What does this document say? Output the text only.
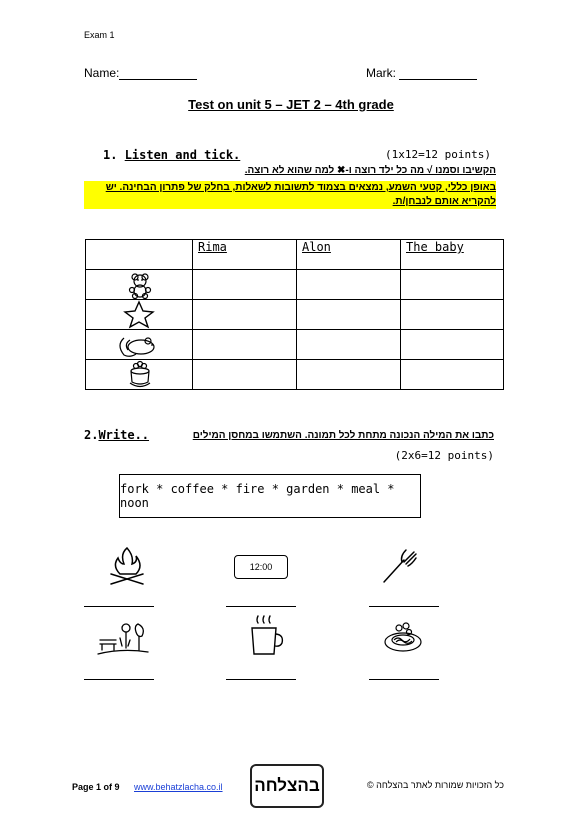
Exam 1
Name:	Mark:
Test on unit 5 – JET 2 – 4th grade
1. Listen and tick.	(1x12=12 points)
הקשיבו וסמנו √ מה כל ילד רוצה ו-✖ למה שהוא לא רוצה.
באופן כללי, קטעי השמע, נמצאים בצמוד לתשובות לשאלות, בחלק של פתרון הבחינה. יש להקריא אותם לנבחן/ת.
	Rima	Alon	The baby

2.Write..	כתבו את המילה הנכונה מתחת לכל תמונה. השתמשו במחסן המילים
(2x6=12 points)
fork * coffee * fire * garden * meal * noon
12:00
Page 1 of 9 www.behatzlacha.co.il בהצלחה	כל הזכויות שמורות לאתר בהצלחה ©
